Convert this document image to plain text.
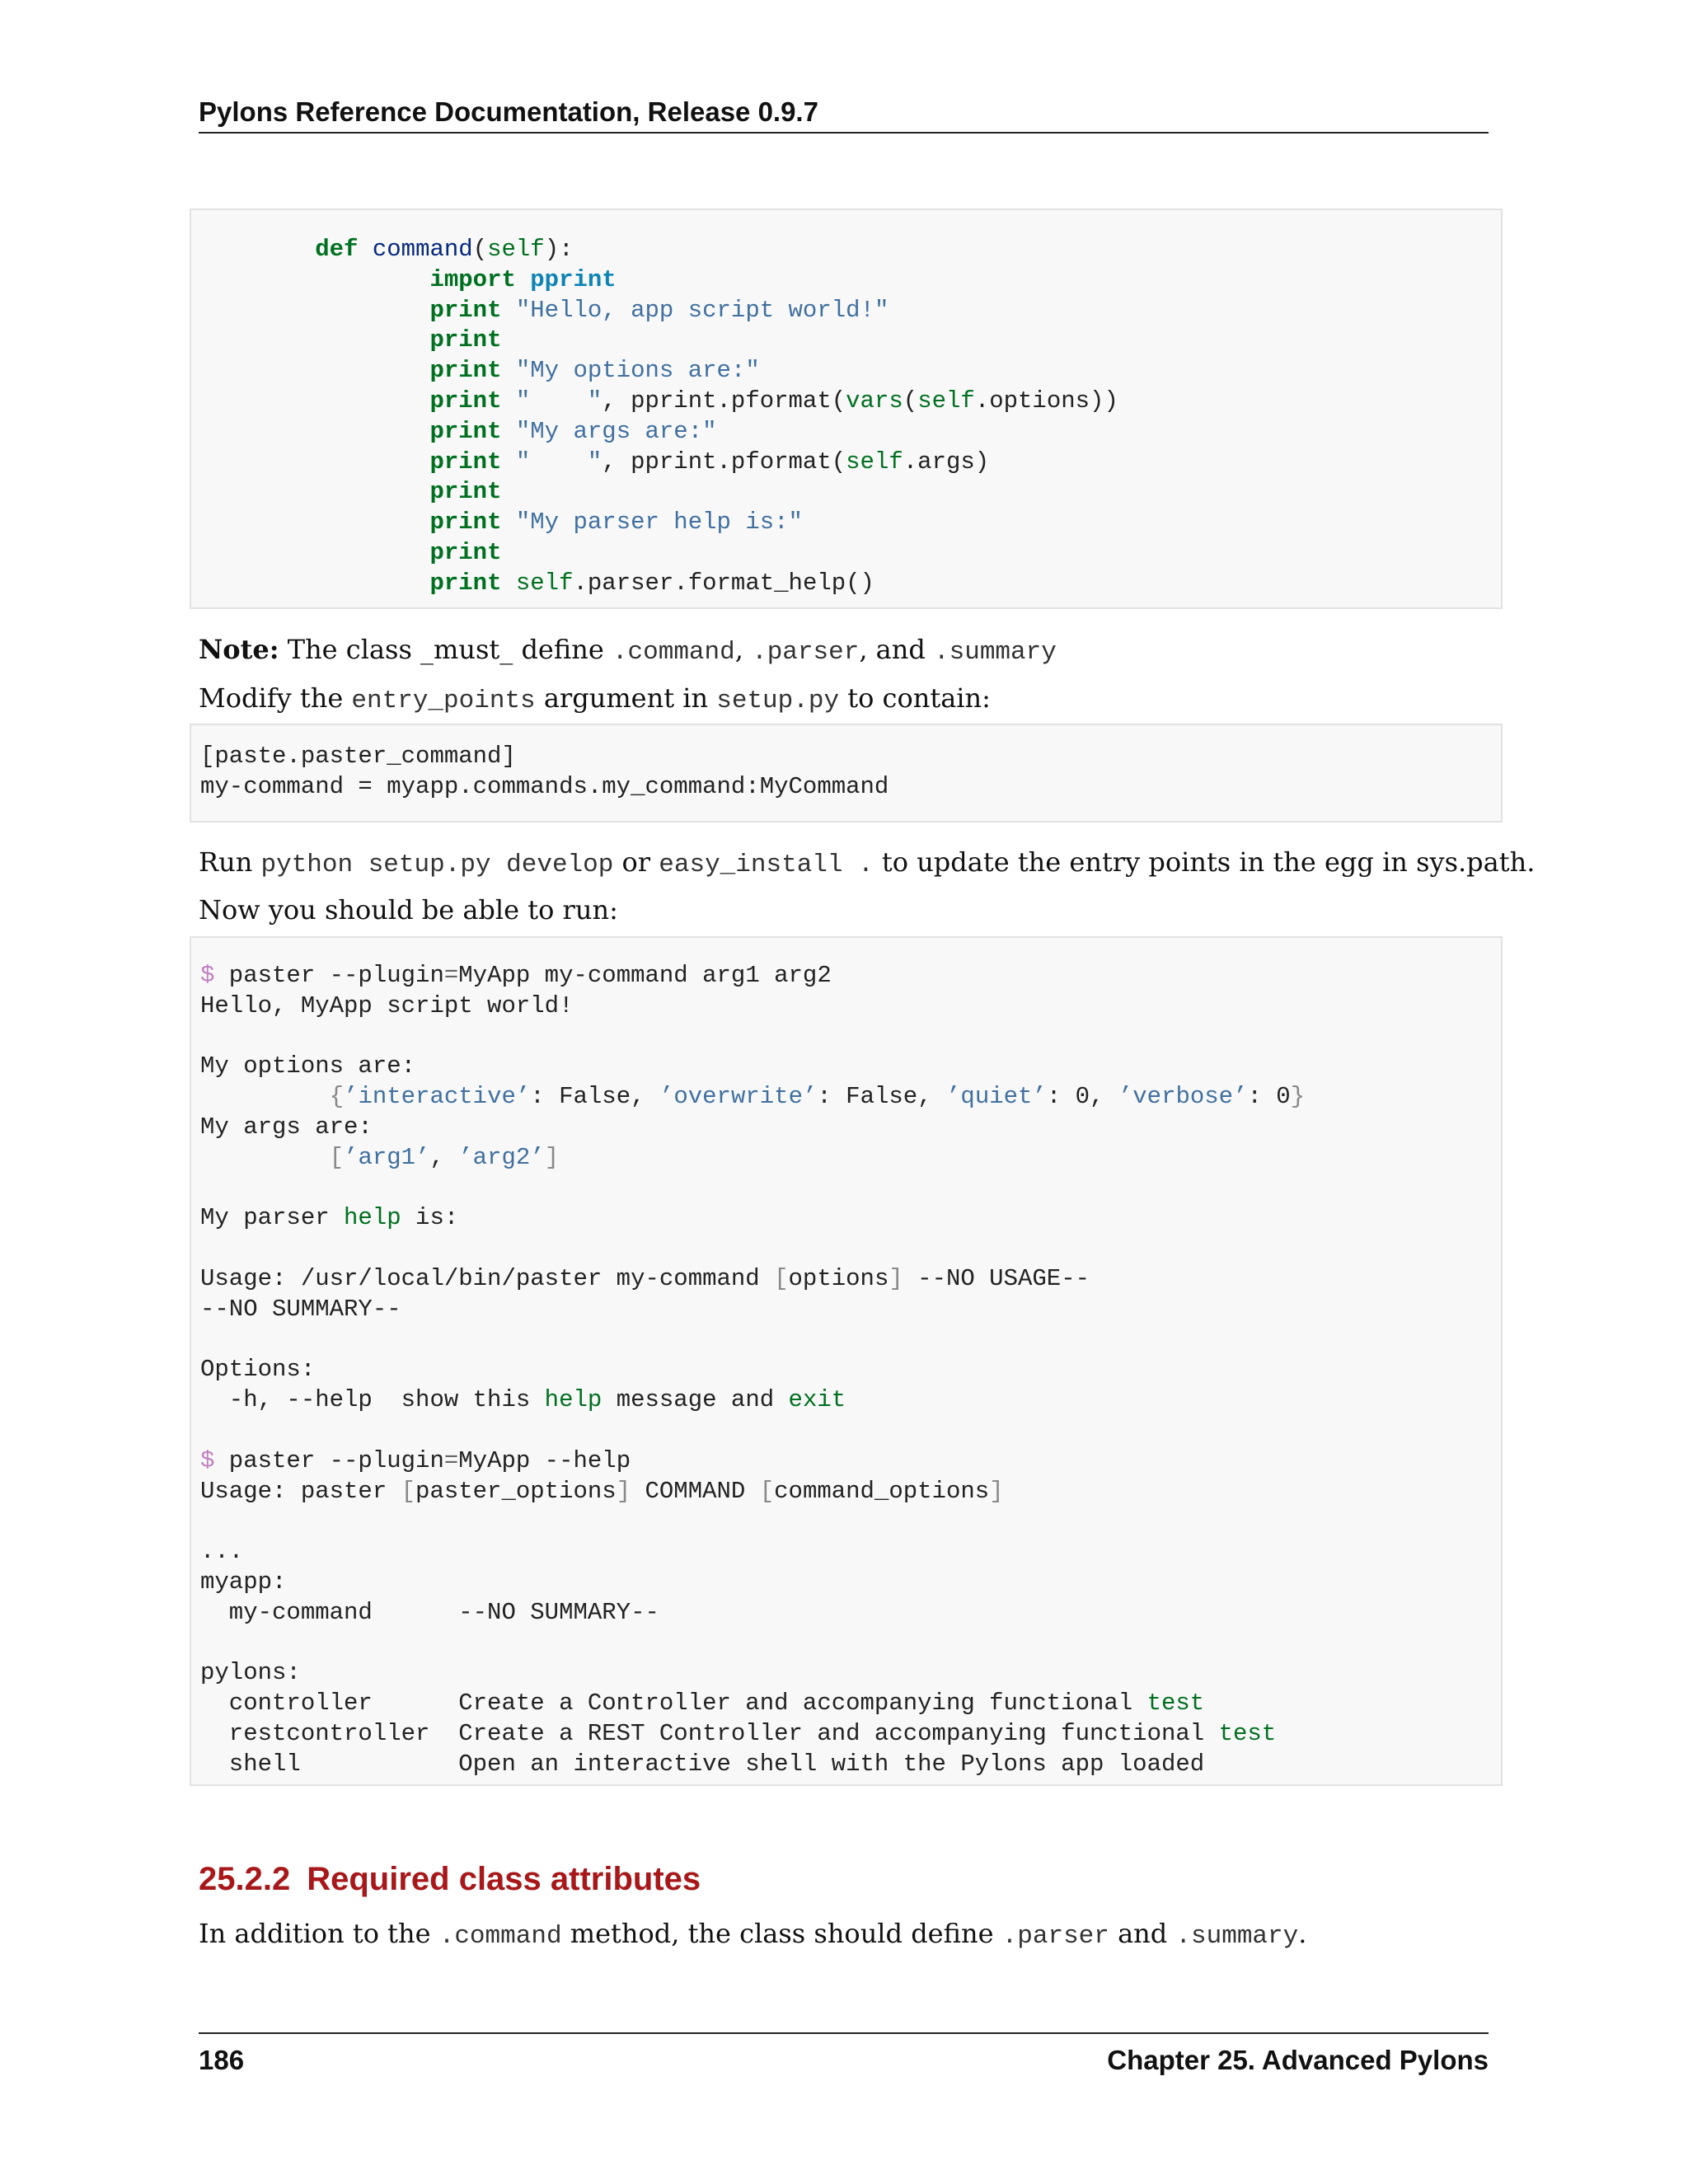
Pylons Reference Documentation, Release 0.9.7
def command(self):
import pprint
print "Hello, app script world!"
print
print "My options are:"
print "    ", pprint.pformat(vars(self.options))
print "My args are:"
print "    ", pprint.pformat(self.args)
print
print "My parser help is:"
print
print self.parser.format_help()
Note: The class _must_ define .command, .parser, and .summary
Modify the entry_points argument in setup.py to contain:
[paste.paster_command]
my-command = myapp.commands.my_command:MyCommand
Run python setup.py develop or easy_install . to update the entry points in the egg in sys.path.
Now you should be able to run:
$ paster --plugin=MyApp my-command arg1 arg2
Hello, MyApp script world!

My options are:
{’interactive’: False, ’overwrite’: False, ’quiet’: 0, ’verbose’: 0}
My args are:
[’arg1’, ’arg2’]

My parser help is:

Usage: /usr/local/bin/paster my-command [options] --NO USAGE--
--NO SUMMARY--

Options:
-h, --help  show this help message and exit

$ paster --plugin=MyApp --help
Usage: paster [paster_options] COMMAND [command_options]

...
myapp:
my-command      --NO SUMMARY--

pylons:
controller      Create a Controller and accompanying functional test
restcontroller  Create a REST Controller and accompanying functional test
shell           Open an interactive shell with the Pylons app loaded
25.2.2 Required class attributes
In addition to the .command method, the class should define .parser and .summary.
186	Chapter 25. Advanced Pylons
